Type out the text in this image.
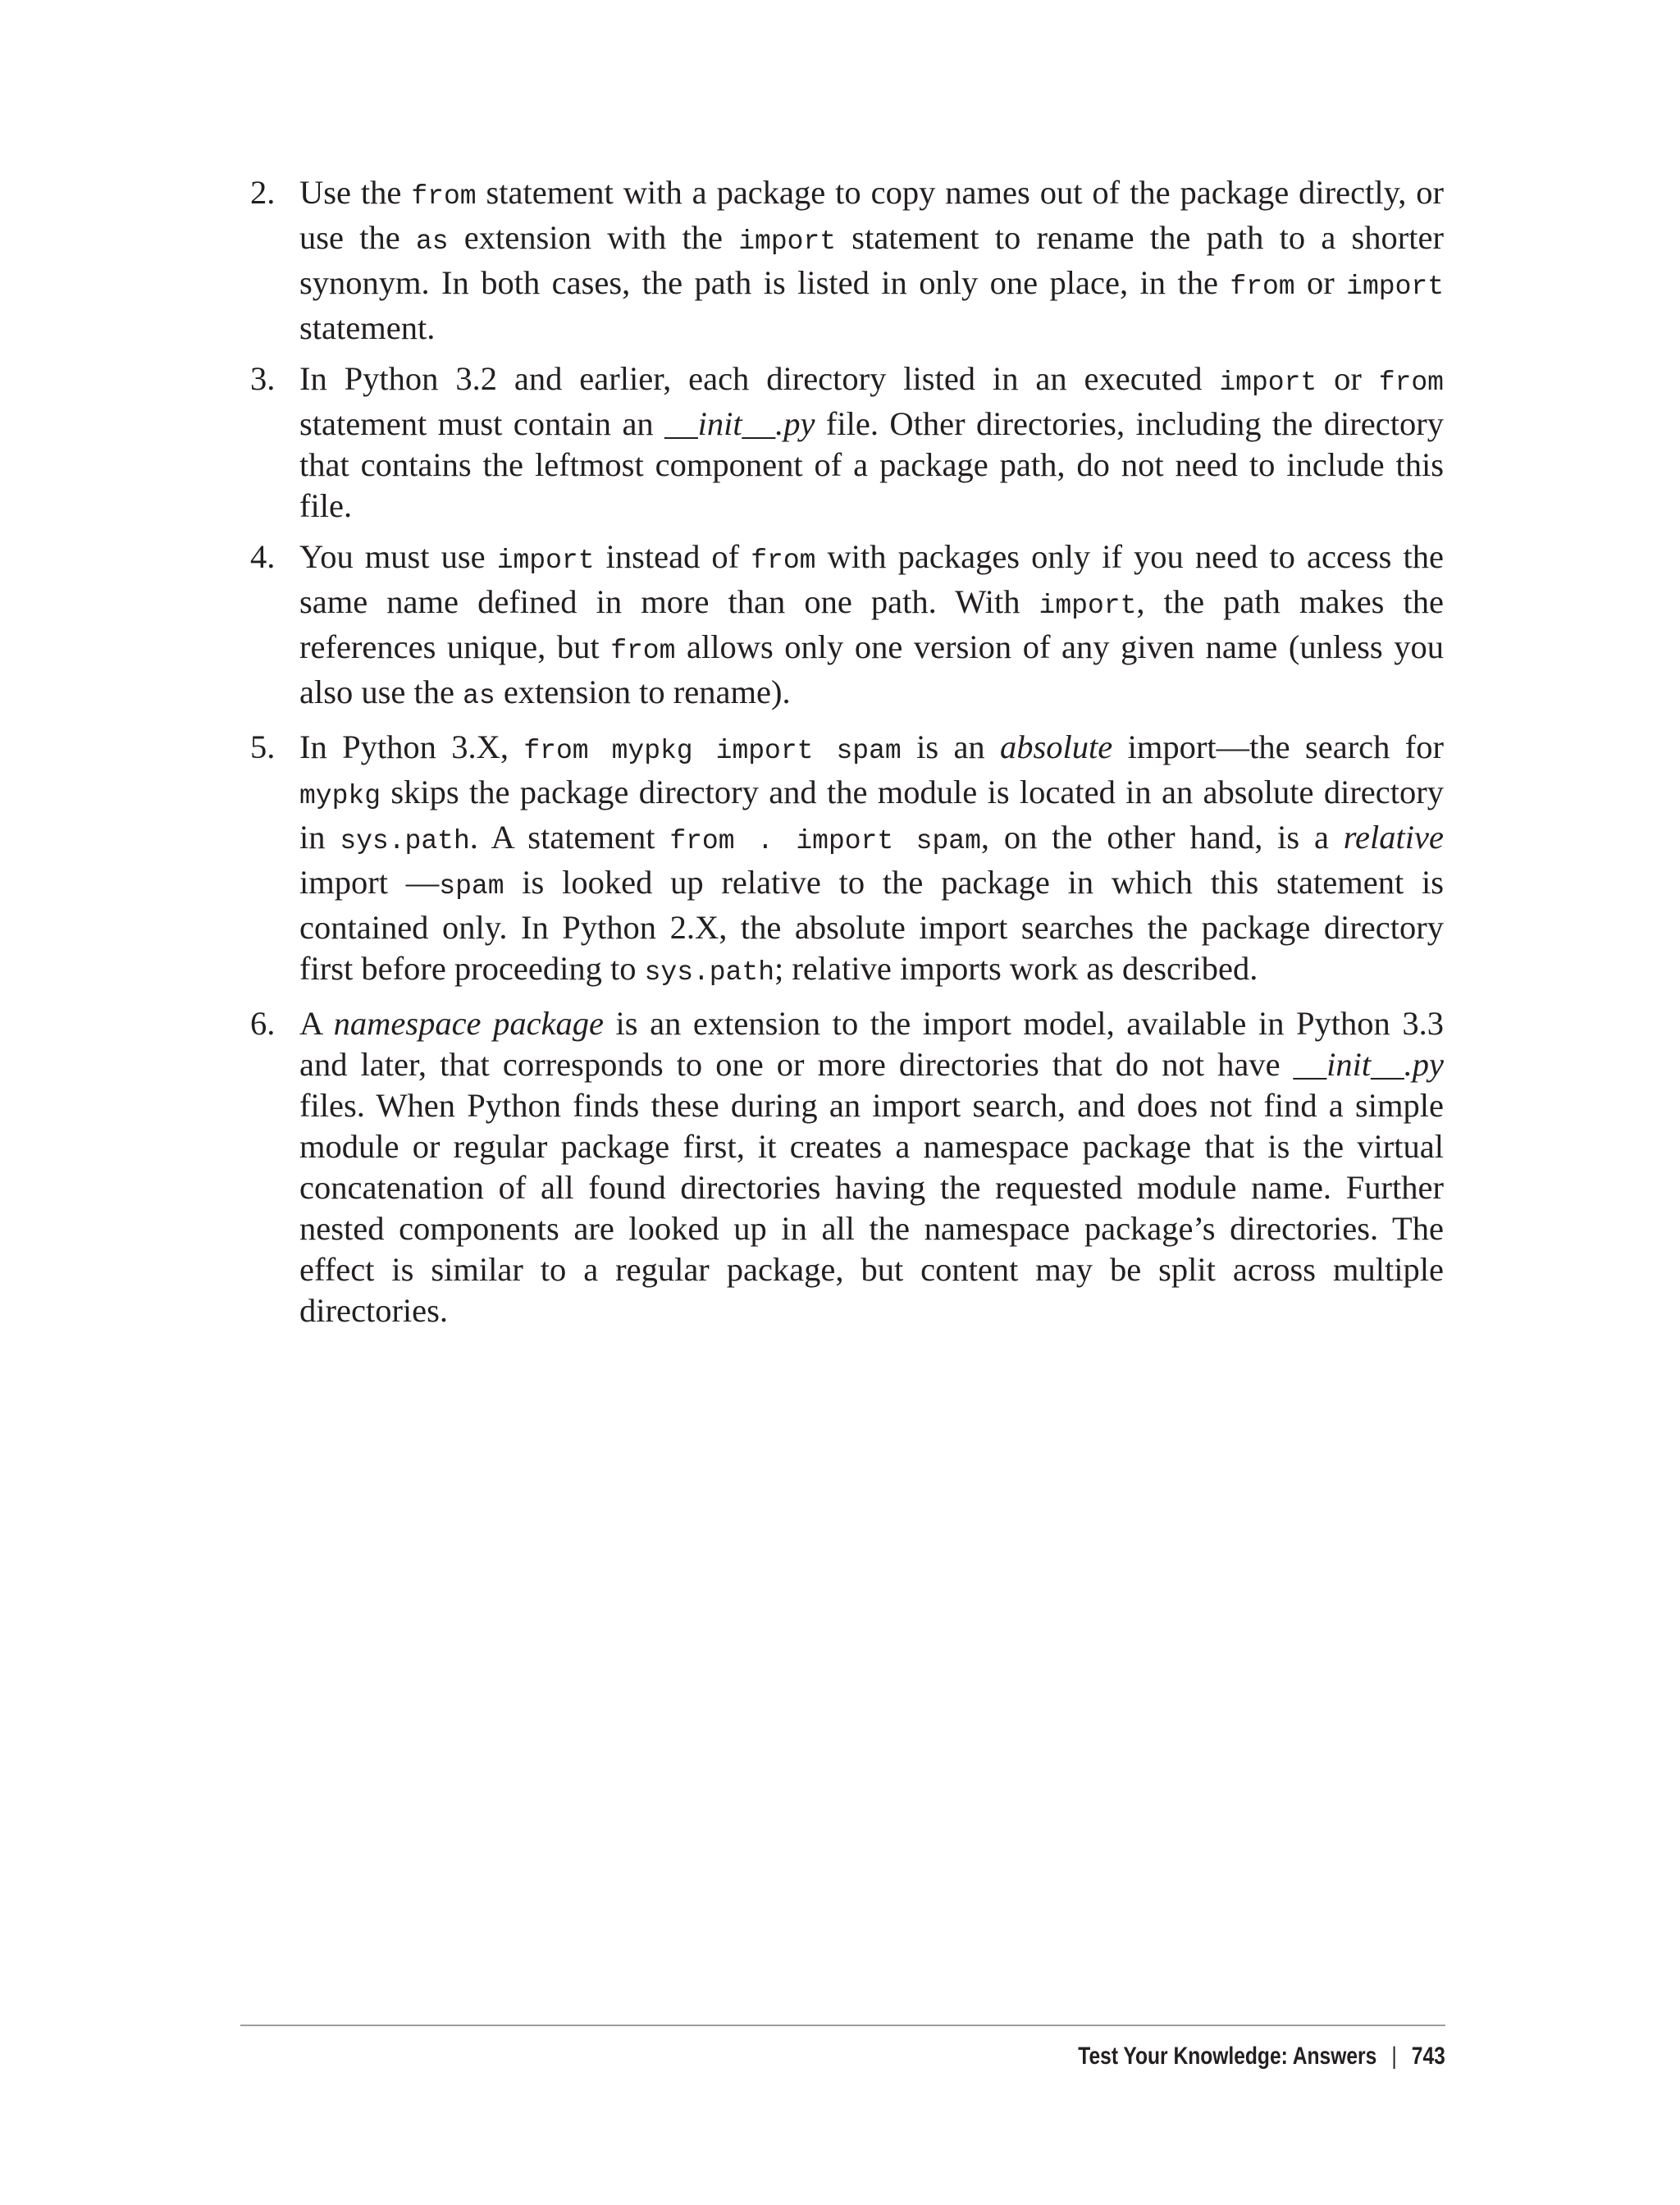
2. Use the from statement with a package to copy names out of the package directly, or use the as extension with the import statement to rename the path to a shorter synonym. In both cases, the path is listed in only one place, in the from or import statement.
3. In Python 3.2 and earlier, each directory listed in an executed import or from statement must contain an __init__.py file. Other directories, including the directory that contains the leftmost component of a package path, do not need to include this file.
4. You must use import instead of from with packages only if you need to access the same name defined in more than one path. With import, the path makes the references unique, but from allows only one version of any given name (unless you also use the as extension to rename).
5. In Python 3.X, from mypkg import spam is an absolute import—the search for mypkg skips the package directory and the module is located in an absolute directory in sys.path. A statement from . import spam, on the other hand, is a relative import —spam is looked up relative to the package in which this statement is contained only. In Python 2.X, the absolute import searches the package directory first before proceeding to sys.path; relative imports work as described.
6. A namespace package is an extension to the import model, available in Python 3.3 and later, that corresponds to one or more directories that do not have __init__.py files. When Python finds these during an import search, and does not find a simple module or regular package first, it creates a namespace package that is the virtual concatenation of all found directories having the requested module name. Further nested components are looked up in all the namespace package’s directories. The effect is similar to a regular package, but content may be split across multiple directories.
Test Your Knowledge: Answers | 743
